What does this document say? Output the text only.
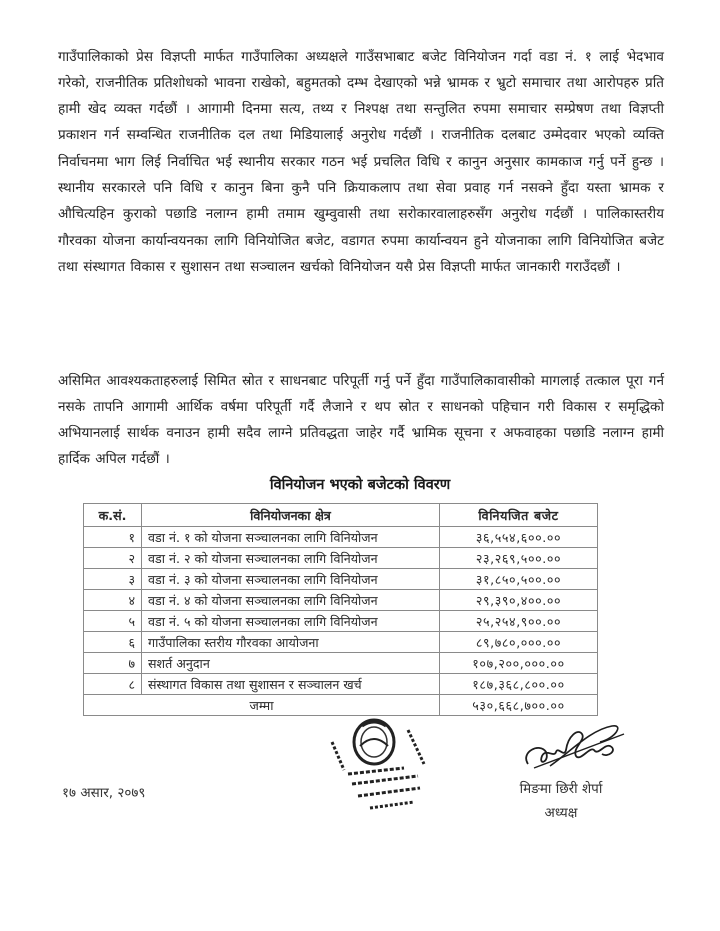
गाउँपालिकाको प्रेस विज्ञप्ती मार्फत गाउँपालिका अध्यक्षले गाउँसभाबाट बजेट विनियोजन गर्दा वडा नं. १ लाई भेदभाव गरेको, राजनीतिक प्रतिशोधको भावना राखेको, बहुमतको दम्भ देखाएको भन्ने भ्रामक र भ्रुटो समाचार तथा आरोपहरु प्रति हामी खेद व्यक्त गर्दछौं । आगामी दिनमा सत्य, तथ्य र निश्पक्ष तथा सन्तुलित रुपमा समाचार सम्प्रेषण तथा विज्ञप्ती प्रकाशन गर्न सम्वन्धित राजनीतिक दल तथा मिडियालाई अनुरोध गर्दछौं । राजनीतिक दलबाट उम्मेदवार भएको व्यक्ति निर्वाचनमा भाग लिई निर्वाचित भई स्थानीय सरकार गठन भई प्रचलित विधि र कानुन अनुसार कामकाज गर्नु पर्ने हुन्छ । स्थानीय सरकारले पनि विधि र कानुन बिना कुनै पनि क्रियाकलाप तथा सेवा प्रवाह गर्न नसक्ने हुँदा यस्ता भ्रामक र औचित्यहिन कुराको पछाडि नलाग्न हामी तमाम खुम्वुवासी तथा सरोकारवालाहरुसँग अनुरोध गर्दछौं । पालिकास्तरीय गौरवका योजना कार्यान्वयनका लागि विनियोजित बजेट, वडागत रुपमा कार्यान्वयन हुने योजनाका लागि विनियोजित बजेट तथा संस्थागत विकास र सुशासन तथा सञ्चालन खर्चको विनियोजन यसै प्रेस विज्ञप्ती मार्फत जानकारी गराउँदछौं ।

असिमित आवश्यकताहरुलाई सिमित स्रोत र साधनबाट परिपूर्ती गर्नु पर्ने हुँदा गाउँपालिकावासीको मागलाई तत्काल पूरा गर्न नसके तापनि आगामी आर्थिक वर्षमा परिपूर्ती गर्दै लैजाने र थप स्रोत र साधनको पहिचान गरी विकास र समृद्धिको अभियानलाई सार्थक वनाउन हामी सदैव लाग्ने प्रतिवद्धता जाहेर गर्दै भ्रामिक सूचना र अफवाहका पछाडि नलाग्न हामी हार्दिक अपिल गर्दछौं ।

विनियोजन भएको बजेटको विवरण
क.सं.	विनियोजनका क्षेत्र	विनियजित बजेट
१	वडा नं. १ को योजना सञ्चालनका लागि विनियोजन	३६,५५४,६००.००
२	वडा नं. २ को योजना सञ्चालनका लागि विनियोजन	२३,२६९,५००.००
३	वडा नं. ३ को योजना सञ्चालनका लागि विनियोजन	३१,८५०,५००.००
४	वडा नं. ४ को योजना सञ्चालनका लागि विनियोजन	२९,३९०,४००.००
५	वडा नं. ५ को योजना सञ्चालनका लागि विनियोजन	२५,२५४,९००.००
६	गाउँपालिका स्तरीय गौरवका आयोजना	८९,७८०,०००.००
७	सशर्त अनुदान	१०७,२००,०००.००
८	संस्थागत विकास तथा सुशासन र सञ्चालन खर्च	१८७,३६८,८००.००
जम्मा		५३०,६६८,७००.००
१७ असार, २०७९	मिङमा छिरी शेर्पा
अध्यक्ष
